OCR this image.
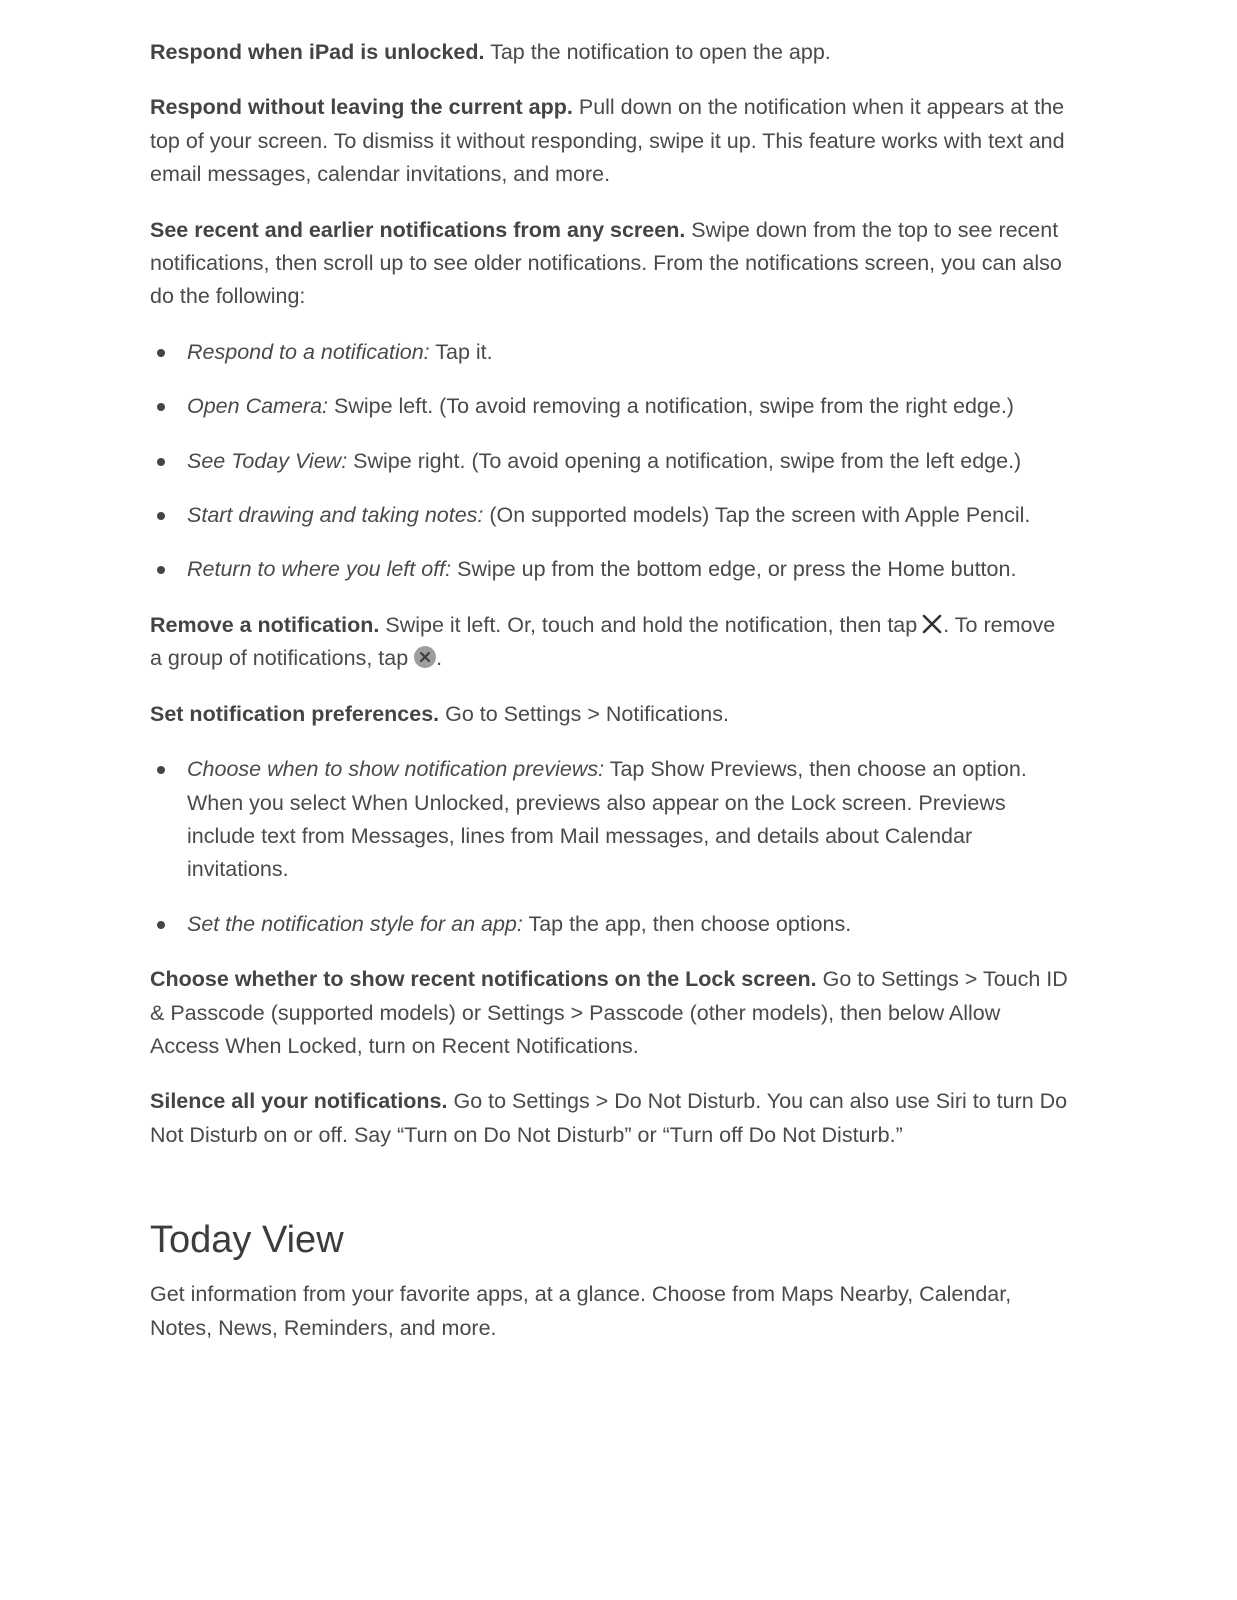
Respond when iPad is unlocked. Tap the notification to open the app.

Respond without leaving the current app. Pull down on the notification when it appears at the top of your screen. To dismiss it without responding, swipe it up. This feature works with text and email messages, calendar invitations, and more.

See recent and earlier notifications from any screen. Swipe down from the top to see recent notifications, then scroll up to see older notifications. From the notifications screen, you can also do the following:

Respond to a notification: Tap it.
Open Camera: Swipe left. (To avoid removing a notification, swipe from the right edge.)
See Today View: Swipe right. (To avoid opening a notification, swipe from the left edge.)
Start drawing and taking notes: (On supported models) Tap the screen with Apple Pencil.
Return to where you left off: Swipe up from the bottom edge, or press the Home button.

Remove a notification. Swipe it left. Or, touch and hold the notification, then tap . To remove a group of notifications, tap .

Set notification preferences. Go to Settings > Notifications.

Choose when to show notification previews: Tap Show Previews, then choose an option. When you select When Unlocked, previews also appear on the Lock screen. Previews include text from Messages, lines from Mail messages, and details about Calendar invitations.
Set the notification style for an app: Tap the app, then choose options.

Choose whether to show recent notifications on the Lock screen. Go to Settings > Touch ID & Passcode (supported models) or Settings > Passcode (other models), then below Allow Access When Locked, turn on Recent Notifications.

Silence all your notifications. Go to Settings > Do Not Disturb. You can also use Siri to turn Do Not Disturb on or off. Say “Turn on Do Not Disturb” or “Turn off Do Not Disturb.”

Today View

Get information from your favorite apps, at a glance. Choose from Maps Nearby, Calendar, Notes, News, Reminders, and more.
